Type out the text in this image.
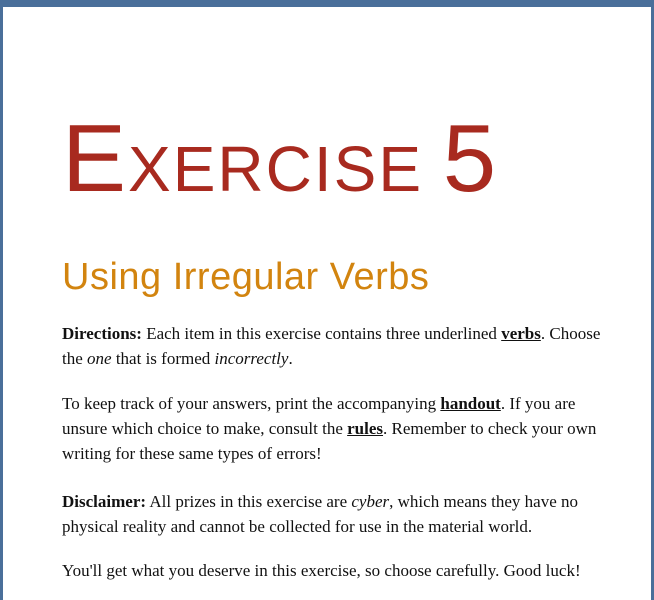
EXERCISE 5
Using Irregular Verbs

Directions: Each item in this exercise contains three underlined verbs. Choose the one that is formed incorrectly.

To keep track of your answers, print the accompanying handout. If you are unsure which choice to make, consult the rules. Remember to check your own writing for these same types of errors!

Disclaimer: All prizes in this exercise are cyber, which means they have no physical reality and cannot be collected for use in the material world.

You'll get what you deserve in this exercise, so choose carefully. Good luck!
